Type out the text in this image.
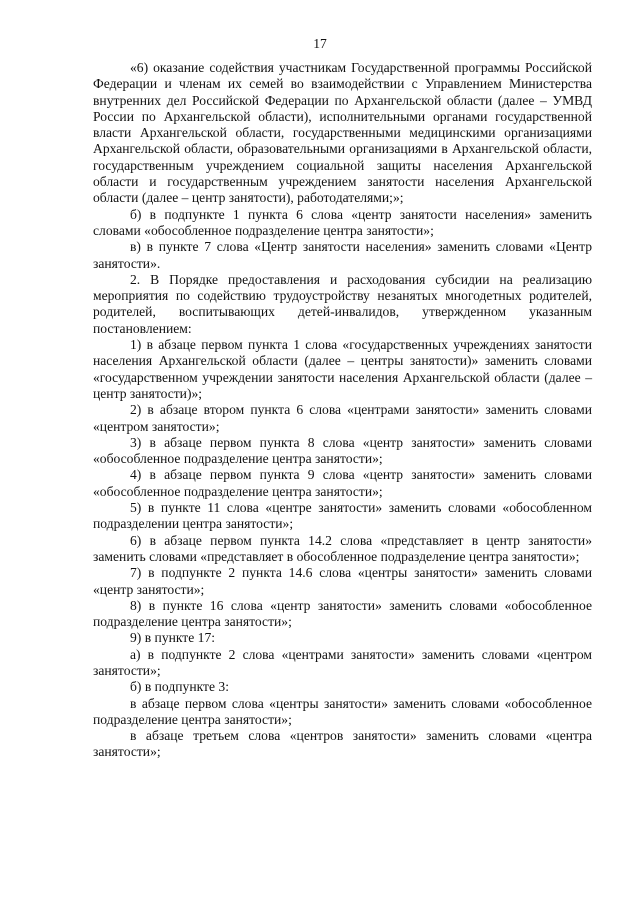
17

«6) оказание содействия участникам Государственной программы Российской Федерации и членам их семей во взаимодействии с Управлением Министерства внутренних дел Российской Федерации по Архангельской области (далее – УМВД России по Архангельской области), исполнительными органами государственной власти Архангельской области, государственными медицинскими организациями Архангельской области, образовательными организациями в Архангельской области, государственным учреждением социальной защиты населения Архангельской области и государственным учреждением занятости населения Архангельской области (далее – центр занятости), работодателями;»;

б) в подпункте 1 пункта 6 слова «центр занятости населения» заменить словами «обособленное подразделение центра занятости»;

в) в пункте 7 слова «Центр занятости населения» заменить словами «Центр занятости».

2. В Порядке предоставления и расходования субсидии на реализацию мероприятия по содействию трудоустройству незанятых многодетных родителей, родителей, воспитывающих детей-инвалидов, утвержденном указанным постановлением:

1) в абзаце первом пункта 1 слова «государственных учреждениях занятости населения Архангельской области (далее – центры занятости)» заменить словами «государственном учреждении занятости населения Архангельской области (далее – центр занятости)»;

2) в абзаце втором пункта 6 слова «центрами занятости» заменить словами «центром занятости»;

3) в абзаце первом пункта 8 слова «центр занятости» заменить словами «обособленное подразделение центра занятости»;

4) в абзаце первом пункта 9 слова «центр занятости» заменить словами «обособленное подразделение центра занятости»;

5) в пункте 11 слова «центре занятости» заменить словами «обособленном подразделении центра занятости»;

6) в абзаце первом пункта 14.2 слова «представляет в центр занятости» заменить словами «представляет в обособленное подразделение центра занятости»;

7) в подпункте 2 пункта 14.6 слова «центры занятости» заменить словами «центр занятости»;

8) в пункте 16 слова «центр занятости» заменить словами «обособленное подразделение центра занятости»;

9) в пункте 17:

а) в подпункте 2 слова «центрами занятости» заменить словами «центром занятости»;

б) в подпункте 3:

в абзаце первом слова «центры занятости» заменить словами «обособленное подразделение центра занятости»;

в абзаце третьем слова «центров занятости» заменить словами «центра занятости»;
